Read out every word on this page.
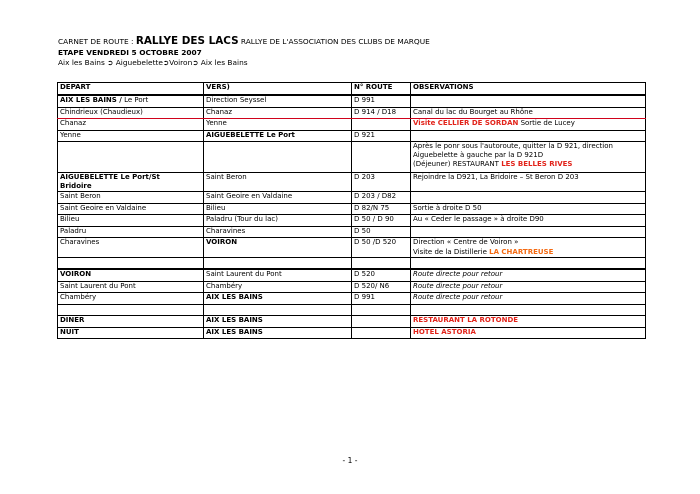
CARNET DE ROUTE : RALLYE DES LACS RALLYE DE L'ASSOCIATION DES CLUBS DE MARQUE
ETAPE VENDREDI 5 OCTOBRE 2007
Aix les Bains ➲ Aiguebelette➲Voiron➲ Aix les Bains
DEPART	VERS)	N° ROUTE	OBSERVATIONS
AIX LES BAINS / Le Port	Direction Seyssel	D 991	
Chindrieux (Chaudieux)	Chanaz	D 914 / D18	Canal du lac du Bourget au Rhône
Chanaz	Yenne		Visite CELLIER DE SORDAN Sortie de Lucey
Yenne	AIGUEBELETTE Le Port	D 921	

			Après le ponr sous l'autoroute, quitter la D 921, direction
Aiguebelette à gauche par la D 921D
(Déjeuner) RESTAURANT LES BELLES RIVES

AIGUEBELETTE Le Port/St
Bridoire	Saint Beron	D 203	Rejoindre la D921, La Bridoire – St Beron D 203
Saint Beron	Saint Geoire en Valdaine	D 203 / D82	
Saint Geoire en Valdaine	Bilieu	D 82/N 75	Sortie à droite D 50
Bilieu	Paladru (Tour du lac)	D 50 / D 90	Au « Ceder le passage » à droite D90
Paladru	Charavines	D 50	
Charavines	VOIRON	D 50 /D 520	Direction « Centre de Voiron »
Visite de la Distillerie LA CHARTREUSE

VOIRON	Saint Laurent du Pont	D 520	Route directe pour retour
Saint Laurent du Pont	Chambéry	D 520/ N6	Route directe pour retour
Chambéry	AIX LES BAINS	D 991	Route directe pour retour

DINER	AIX LES BAINS		RESTAURANT LA ROTONDE
NUIT	AIX LES BAINS		HOTEL ASTORIA
- 1 -
